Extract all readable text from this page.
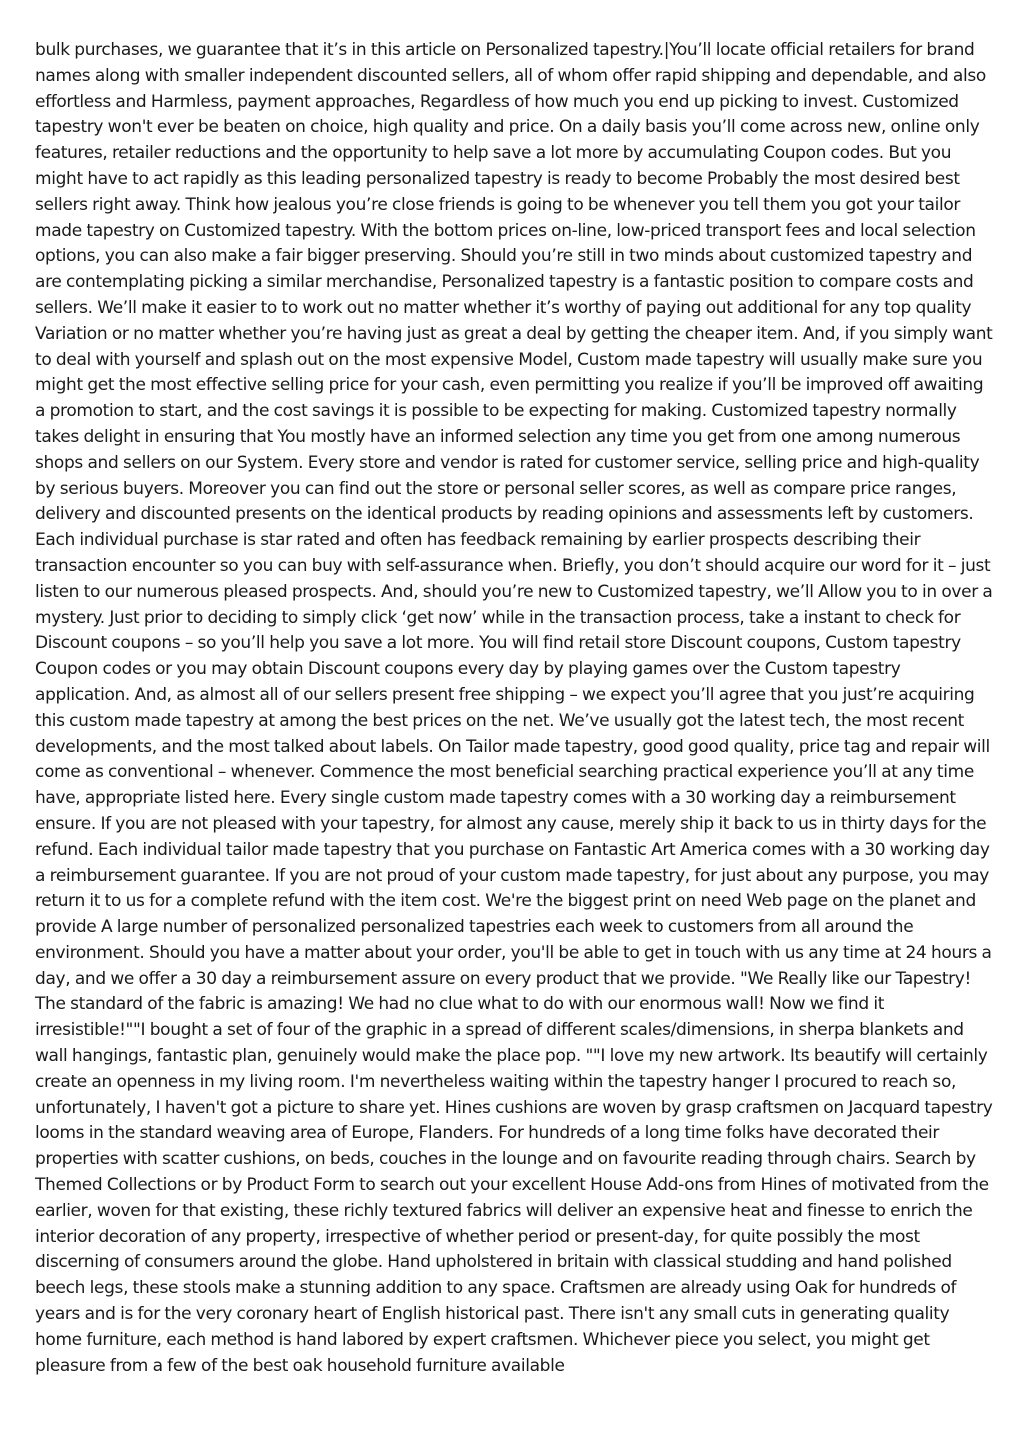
bulk purchases, we guarantee that it’s in this article on Personalized tapestry.|You’ll locate official retailers for brand names along with smaller independent discounted sellers, all of whom offer rapid shipping and dependable, and also effortless and Harmless, payment approaches, Regardless of how much you end up picking to invest. Customized tapestry won't ever be beaten on choice, high quality and price. On a daily basis you’ll come across new, online only features, retailer reductions and the opportunity to help save a lot more by accumulating Coupon codes. But you might have to act rapidly as this leading personalized tapestry is ready to become Probably the most desired best sellers right away. Think how jealous you’re close friends is going to be whenever you tell them you got your tailor made tapestry on Customized tapestry. With the bottom prices on-line, low-priced transport fees and local selection options, you can also make a fair bigger preserving. Should you’re still in two minds about customized tapestry and are contemplating picking a similar merchandise, Personalized tapestry is a fantastic position to compare costs and sellers. We’ll make it easier to to work out no matter whether it’s worthy of paying out additional for any top quality Variation or no matter whether you’re having just as great a deal by getting the cheaper item. And, if you simply want to deal with yourself and splash out on the most expensive Model, Custom made tapestry will usually make sure you might get the most effective selling price for your cash, even permitting you realize if you’ll be improved off awaiting a promotion to start, and the cost savings it is possible to be expecting for making. Customized tapestry normally takes delight in ensuring that You mostly have an informed selection any time you get from one among numerous shops and sellers on our System. Every store and vendor is rated for customer service, selling price and high-quality by serious buyers. Moreover you can find out the store or personal seller scores, as well as compare price ranges, delivery and discounted presents on the identical products by reading opinions and assessments left by customers. Each individual purchase is star rated and often has feedback remaining by earlier prospects describing their transaction encounter so you can buy with self-assurance when. Briefly, you don’t should acquire our word for it – just listen to our numerous pleased prospects. And, should you’re new to Customized tapestry, we’ll Allow you to in over a mystery. Just prior to deciding to simply click ‘get now’ while in the transaction process, take a instant to check for Discount coupons – so you’ll help you save a lot more. You will find retail store Discount coupons, Custom tapestry Coupon codes or you may obtain Discount coupons every day by playing games over the Custom tapestry application. And, as almost all of our sellers present free shipping – we expect you’ll agree that you just’re acquiring this custom made tapestry at among the best prices on the net. We’ve usually got the latest tech, the most recent developments, and the most talked about labels. On Tailor made tapestry, good good quality, price tag and repair will come as conventional – whenever. Commence the most beneficial searching practical experience you’ll at any time have, appropriate listed here. Every single custom made tapestry comes with a 30 working day a reimbursement ensure. If you are not pleased with your tapestry, for almost any cause, merely ship it back to us in thirty days for the refund. Each individual tailor made tapestry that you purchase on Fantastic Art America comes with a 30 working day a reimbursement guarantee. If you are not proud of your custom made tapestry, for just about any purpose, you may return it to us for a complete refund with the item cost. We're the biggest print on need Web page on the planet and provide A large number of personalized personalized tapestries each week to customers from all around the environment. Should you have a matter about your order, you'll be able to get in touch with us any time at 24 hours a day, and we offer a 30 day a reimbursement assure on every product that we provide. "We Really like our Tapestry! The standard of the fabric is amazing! We had no clue what to do with our enormous wall! Now we find it irresistible!""I bought a set of four of the graphic in a spread of different scales/dimensions, in sherpa blankets and wall hangings, fantastic plan, genuinely would make the place pop. ""I love my new artwork. Its beautify will certainly create an openness in my living room. I'm nevertheless waiting within the tapestry hanger I procured to reach so, unfortunately, I haven't got a picture to share yet. Hines cushions are woven by grasp craftsmen on Jacquard tapestry looms in the standard weaving area of Europe, Flanders. For hundreds of a long time folks have decorated their properties with scatter cushions, on beds, couches in the lounge and on favourite reading through chairs. Search by Themed Collections or by Product Form to search out your excellent House Add-ons from Hines of motivated from the earlier, woven for that existing, these richly textured fabrics will deliver an expensive heat and finesse to enrich the interior decoration of any property, irrespective of whether period or present-day, for quite possibly the most discerning of consumers around the globe. Hand upholstered in britain with classical studding and hand polished beech legs, these stools make a stunning addition to any space. Craftsmen are already using Oak for hundreds of years and is for the very coronary heart of English historical past. There isn't any small cuts in generating quality home furniture, each method is hand labored by expert craftsmen. Whichever piece you select, you might get pleasure from a few of the best oak household furniture available
